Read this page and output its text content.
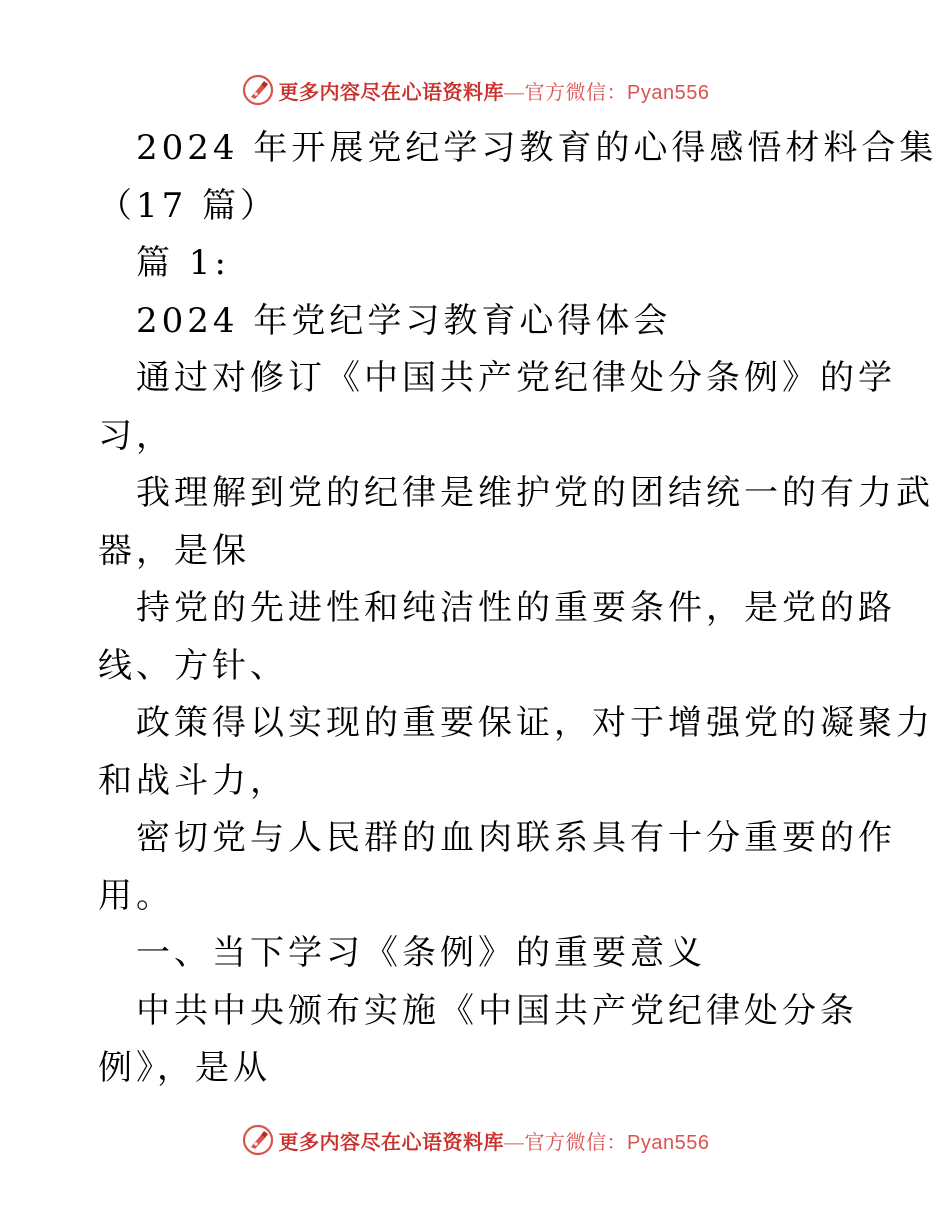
更多内容尽在心语资料库—官方微信：Pyan556
2024 年开展党纪学习教育的心得感悟材料合集
（17 篇）
篇 1:
2024 年党纪学习教育心得体会
通过对修订《中国共产党纪律处分条例》的学
习，
我理解到党的纪律是维护党的团结统一的有力武
器，是保
持党的先进性和纯洁性的重要条件，是党的路
线、方针、
政策得以实现的重要保证，对于增强党的凝聚力
和战斗力，
密切党与人民群的血肉联系具有十分重要的作
用。
一、当下学习《条例》的重要意义
中共中央颁布实施《中国共产党纪律处分条
例》，是从
更多内容尽在心语资料库—官方微信：Pyan556
